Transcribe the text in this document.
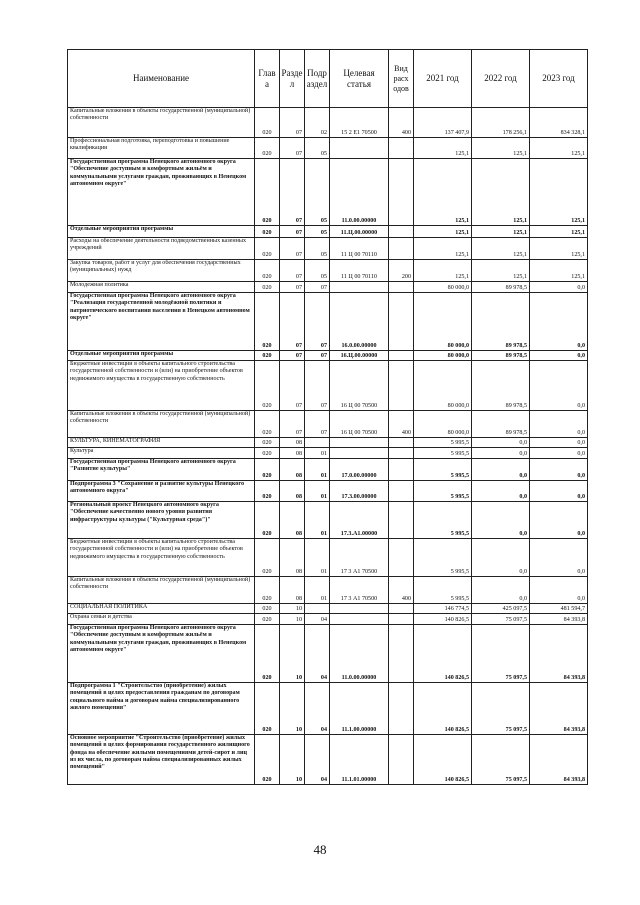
Наименование	Глав а	Разде л	Подр аздел	Целевая статья	Вид расх одов	2021 год	2022 год	2023 год
Капитальные вложения в объекты государственной (муниципальной) собственности	020	07	02	15 2 Е1 70500	400	137 407,9	178 256,1	834 328,1
Профессиональная подготовка, переподготовка и повышение квалификации	020	07	05			125,1	125,1	125,1
Государственная программа Ненецкого автономного округа "Обеспечение доступным и комфортным жильём и коммунальными услугами граждан, проживающих в Ненецком автономном округе"	020	07	05	11.0.00.00000		125,1	125,1	125,1
Отдельные мероприятия программы	020	07	05	11.Ц.00.00000		125,1	125,1	125,1
Расходы на обеспечение деятельности подведомственных казенных учреждений	020	07	05	11 Ц 00 70110		125,1	125,1	125,1
Закупка товаров, работ и услуг для обеспечения государственных (муниципальных) нужд	020	07	05	11 Ц 00 70110	200	125,1	125,1	125,1
Молодежная политика	020	07	07			80 000,0	89 978,5	0,0
Государственная программа Ненецкого автономного округа "Реализация государственной молодёжной политики и патриотического воспитания населения в Ненецком автономном округе"	020	07	07	16.0.00.00000		80 000,0	89 978,5	0,0
Отдельные мероприятия программы	020	07	07	16.Ц.00.00000		80 000,0	89 978,5	0,0
Бюджетные инвестиции в объекты капитального строительства государственной собственности и (или) на приобретение объектов недвижимого имущества в государственную собственность	020	07	07	16 Ц 00 70500		80 000,0	89 978,5	0,0
Капитальные вложения в объекты государственной (муниципальной) собственности	020	07	07	16 Ц 00 70500	400	80 000,0	89 978,5	0,0
КУЛЬТУРА, КИНЕМАТОГРАФИЯ	020	08				5 995,5	0,0	0,0
Культура	020	08	01			5 995,5	0,0	0,0
Государственная программа Ненецкого автономного округа "Развитие культуры"	020	08	01	17.0.00.00000		5 995,5	0,0	0,0
Подпрограмма 3 "Сохранение и развитие культуры Ненецкого автономного округа"	020	08	01	17.3.00.00000		5 995,5	0,0	0,0
Региональный проект Ненецкого автономного округа "Обеспечение качественно нового уровня развития инфраструктуры культуры ("Культурная среда")"	020	08	01	17.3.А1.00000		5 995,5	0,0	0,0
Бюджетные инвестиции в объекты капитального строительства государственной собственности и (или) на приобретение объектов недвижимого имущества в государственную собственность	020	08	01	17 3 А1 70500		5 995,5	0,0	0,0
Капитальные вложения в объекты государственной (муниципальной) собственности	020	08	01	17 3 А1 70500	400	5 995,5	0,0	0,0
СОЦИАЛЬНАЯ ПОЛИТИКА	020	10				146 774,5	425 097,5	481 594,7
Охрана семьи и детства	020	10	04			140 826,5	75 097,5	84 393,8
Государственная программа Ненецкого автономного округа "Обеспечение доступным и комфортным жильём и коммунальными услугами граждан, проживающих в Ненецком автономном округе"	020	10	04	11.0.00.00000		140 826,5	75 097,5	84 393,8
Подпрограмма 1 "Строительство (приобретение) жилых помещений в целях предоставления гражданам по договорам социального найма и договорам найма специализированного жилого помещения"	020	10	04	11.1.00.00000		140 826,5	75 097,5	84 393,8
Основное мероприятие "Строительство (приобретение) жилых помещений в целях формирования государственного жилищного фонда на обеспечение жилыми помещениями детей-сирот и лиц из их числа, по договорам найма специализированных жилых помещений"	020	10	04	11.1.01.00000		140 826,5	75 097,5	84 393,8
48
